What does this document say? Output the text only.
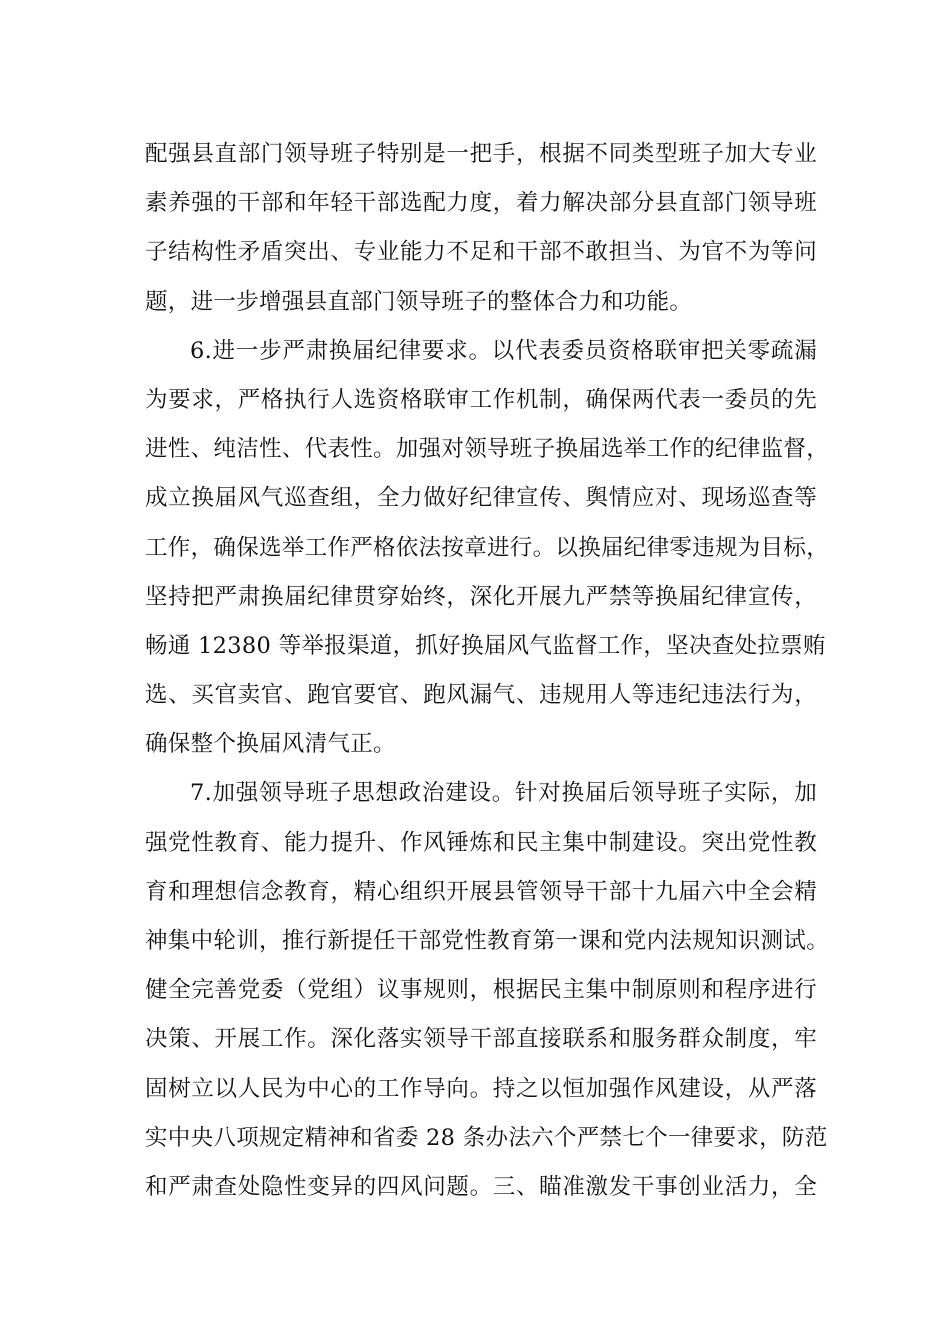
配强县直部门领导班子特别是一把手，根据不同类型班子加大专业
素养强的干部和年轻干部选配力度，着力解决部分县直部门领导班
子结构性矛盾突出、专业能力不足和干部不敢担当、为官不为等问
题，进一步增强县直部门领导班子的整体合力和功能。
6.进一步严肃换届纪律要求。以代表委员资格联审把关零疏漏
为要求，严格执行人选资格联审工作机制，确保两代表一委员的先
进性、纯洁性、代表性。加强对领导班子换届选举工作的纪律监督，
成立换届风气巡查组，全力做好纪律宣传、舆情应对、现场巡查等
工作，确保选举工作严格依法按章进行。以换届纪律零违规为目标，
坚持把严肃换届纪律贯穿始终，深化开展九严禁等换届纪律宣传，
畅通 12380 等举报渠道，抓好换届风气监督工作，坚决查处拉票贿
选、买官卖官、跑官要官、跑风漏气、违规用人等违纪违法行为，
确保整个换届风清气正。
7.加强领导班子思想政治建设。针对换届后领导班子实际，加
强党性教育、能力提升、作风锤炼和民主集中制建设。突出党性教
育和理想信念教育，精心组织开展县管领导干部十九届六中全会精
神集中轮训，推行新提任干部党性教育第一课和党内法规知识测试。
健全完善党委（党组）议事规则，根据民主集中制原则和程序进行
决策、开展工作。深化落实领导干部直接联系和服务群众制度，牢
固树立以人民为中心的工作导向。持之以恒加强作风建设，从严落
实中央八项规定精神和省委 28 条办法六个严禁七个一律要求，防范
和严肃查处隐性变异的四风问题。三、瞄准激发干事创业活力，全
